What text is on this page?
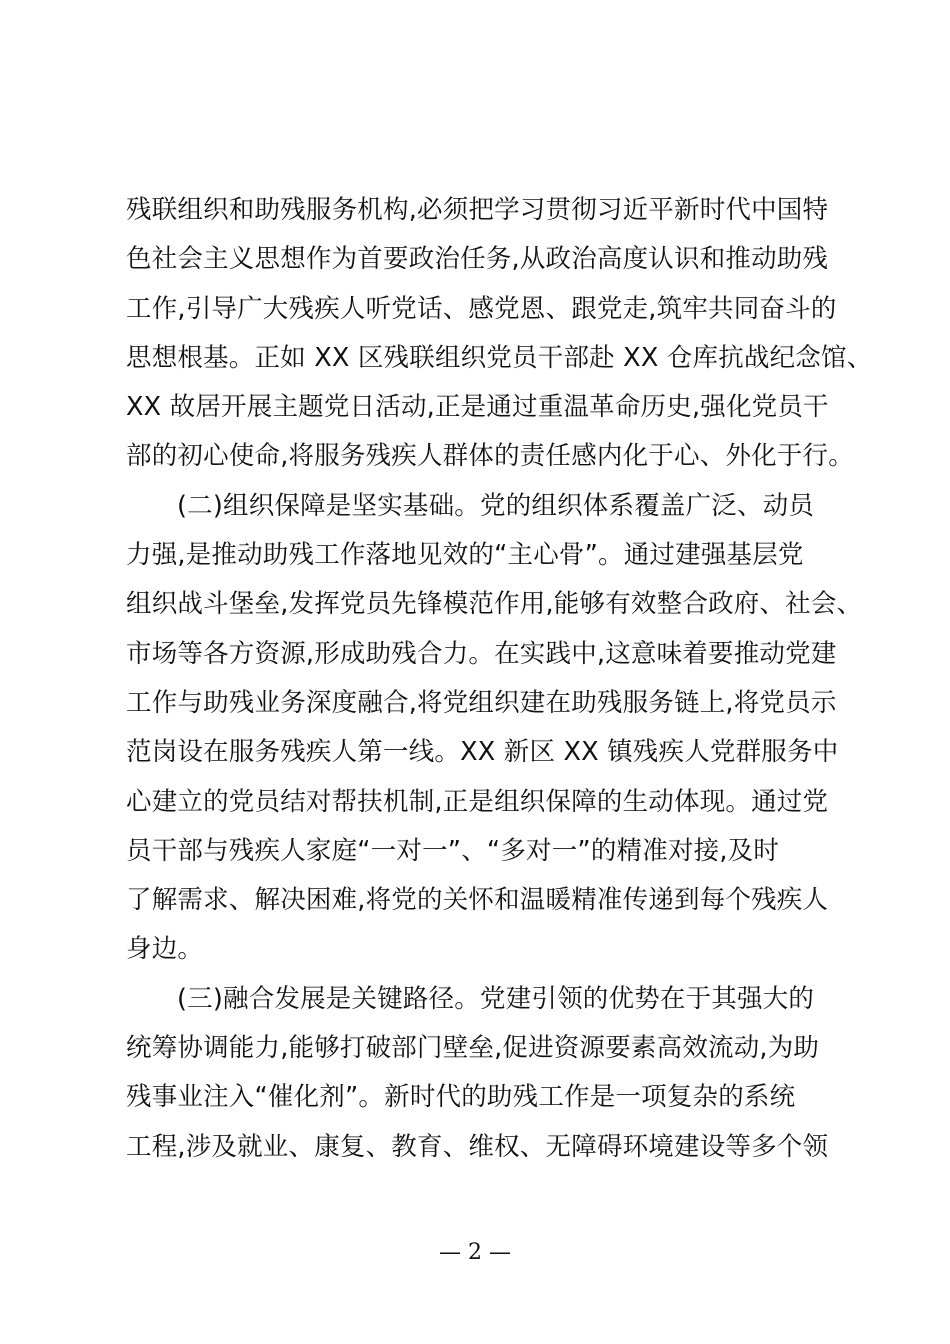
残联组织和助残服务机构,必须把学习贯彻习近平新时代中国特
色社会主义思想作为首要政治任务,从政治高度认识和推动助残
工作,引导广大残疾人听党话、感党恩、跟党走,筑牢共同奋斗的
思想根基。正如 XX 区残联组织党员干部赴 XX 仓库抗战纪念馆、
XX 故居开展主题党日活动,正是通过重温革命历史,强化党员干
部的初心使命,将服务残疾人群体的责任感内化于心、外化于行。
(二)组织保障是坚实基础。党的组织体系覆盖广泛、动员
力强,是推动助残工作落地见效的“主心骨”。通过建强基层党
组织战斗堡垒,发挥党员先锋模范作用,能够有效整合政府、社会、
市场等各方资源,形成助残合力。在实践中,这意味着要推动党建
工作与助残业务深度融合,将党组织建在助残服务链上,将党员示
范岗设在服务残疾人第一线。XX 新区 XX 镇残疾人党群服务中
心建立的党员结对帮扶机制,正是组织保障的生动体现。通过党
员干部与残疾人家庭“一对一”、“多对一”的精准对接,及时
了解需求、解决困难,将党的关怀和温暖精准传递到每个残疾人
身边。
(三)融合发展是关键路径。党建引领的优势在于其强大的
统筹协调能力,能够打破部门壁垒,促进资源要素高效流动,为助
残事业注入“催化剂”。新时代的助残工作是一项复杂的系统
工程,涉及就业、康复、教育、维权、无障碍环境建设等多个领
— 2 —
